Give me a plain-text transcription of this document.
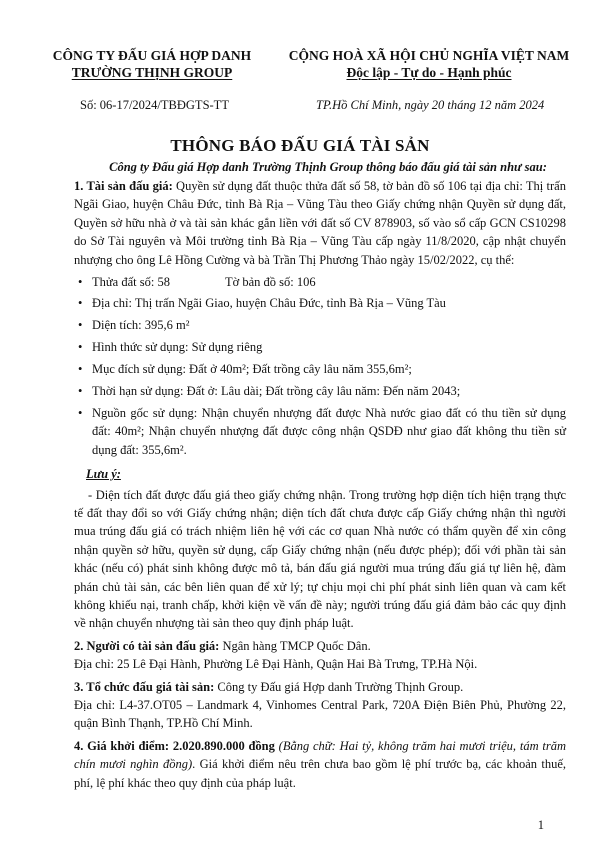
CÔNG TY ĐẤU GIÁ HỢP DANH
TRƯỜNG THỊNH GROUP
CỘNG HOÀ XÃ HỘI CHỦ NGHĨA VIỆT NAM
Độc lập - Tự do - Hạnh phúc
Số: 06-17/2024/TBĐGTS-TT	TP.Hồ Chí Minh, ngày 20 tháng 12 năm 2024
THÔNG BÁO ĐẤU GIÁ TÀI SẢN
Công ty Đấu giá Hợp danh Trường Thịnh Group thông báo đấu giá tài sản như sau:

1. Tài sản đấu giá: Quyền sử dụng đất thuộc thửa đất số 58, tờ bản đồ số 106 tại địa chỉ: Thị trấn Ngãi Giao, huyện Châu Đức, tỉnh Bà Rịa – Vũng Tàu theo Giấy chứng nhận Quyền sử dụng đất, Quyền sở hữu nhà ở và tài sản khác gắn liền với đất số CV 878903, số vào sổ cấp GCN CS10298 do Sở Tài nguyên và Môi trường tỉnh Bà Rịa – Vũng Tàu cấp ngày 11/8/2020, cập nhật chuyển nhượng cho ông Lê Hồng Cường và bà Trần Thị Phương Thảo ngày 15/02/2022, cụ thể:

• Thửa đất số: 58	Tờ bản đồ số: 106
• Địa chỉ: Thị trấn Ngãi Giao, huyện Châu Đức, tỉnh Bà Rịa – Vũng Tàu
• Diện tích: 395,6 m²
• Hình thức sử dụng: Sử dụng riêng
• Mục đích sử dụng: Đất ở 40m²; Đất trồng cây lâu năm 355,6m²;
• Thời hạn sử dụng: Đất ở: Lâu dài; Đất trồng cây lâu năm: Đến năm 2043;
• Nguồn gốc sử dụng: Nhận chuyển nhượng đất được Nhà nước giao đất có thu tiền sử dụng đất: 40m²; Nhận chuyển nhượng đất được công nhận QSDĐ như giao đất không thu tiền sử dụng đất: 355,6m².

Lưu ý:

- Diện tích đất được đấu giá theo giấy chứng nhận. Trong trường hợp diện tích hiện trạng thực tế đất thay đổi so với Giấy chứng nhận; diện tích đất chưa được cấp Giấy chứng nhận thì người mua trúng đấu giá có trách nhiệm liên hệ với các cơ quan Nhà nước có thẩm quyền để xin công nhận quyền sở hữu, quyền sử dụng, cấp Giấy chứng nhận (nếu được phép); đối với phần tài sản khác (nếu có) phát sinh không được mô tả, bán đấu giá người mua trúng đấu giá tự liên hệ, đàm phán chủ tài sản, các bên liên quan để xử lý; tự chịu mọi chi phí phát sinh liên quan và cam kết không khiếu nại, tranh chấp, khởi kiện về vấn đề này; người trúng đấu giá đảm bảo các quy định về nhận chuyển nhượng tài sản theo quy định pháp luật.

2. Người có tài sản đấu giá: Ngân hàng TMCP Quốc Dân.

Địa chỉ: 25 Lê Đại Hành, Phường Lê Đại Hành, Quận Hai Bà Trưng, TP.Hà Nội.

3. Tổ chức đấu giá tài sản: Công ty Đấu giá Hợp danh Trường Thịnh Group.

Địa chỉ: L4-37.OT05 – Landmark 4, Vinhomes Central Park, 720A Điện Biên Phủ, Phường 22, quận Bình Thạnh, TP.Hồ Chí Minh.

4. Giá khởi điểm: 2.020.890.000 đồng (Bằng chữ: Hai tỷ, không trăm hai mươi triệu, tám trăm chín mươi nghìn đồng). Giá khởi điểm nêu trên chưa bao gồm lệ phí trước bạ, các khoản thuế, phí, lệ phí khác theo quy định của pháp luật.

1
